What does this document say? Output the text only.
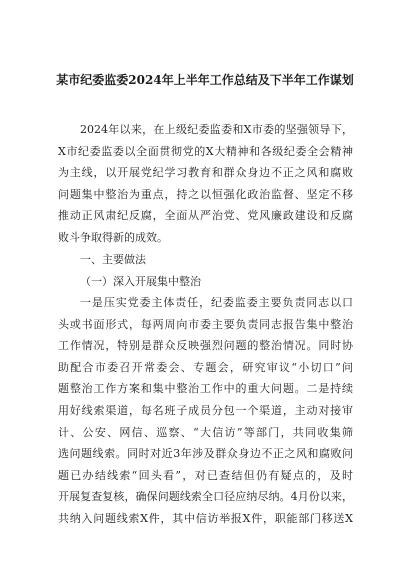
某市纪委监委2024年上半年工作总结及下半年工作谋划
2024年以来，在上级纪委监委和X市委的坚强领导下，
X市纪委监委以全面贯彻党的X大精神和各级纪委全会精神
为主线，以开展党纪学习教育和群众身边不正之风和腐败
问题集中整治为重点，持之以恒强化政治监督、坚定不移
推动正风肃纪反腐，全面从严治党、党风廉政建设和反腐
败斗争取得新的成效。
一、主要做法
（一）深入开展集中整治
一是压实党委主体责任，纪委监委主要负责同志以口
头或书面形式，每两周向市委主要负责同志报告集中整治
工作情况，特别是群众反映强烈问题的整治情况。同时协
助配合市委召开常委会、专题会，研究审议“小切口”问
题整治工作方案和集中整治工作中的重大问题。二是持续
用好线索渠道，每名班子成员分包一个渠道，主动对接审
计、公安、网信、巡察、“大信访”等部门，共同收集筛
选问题线索。同时对近3年涉及群众身边不正之风和腐败问
题已办结线索“回头看”，对已查结但仍有疑点的，及时
开展复查复核，确保问题线索全口径应纳尽纳。4月份以来，
共纳入问题线索X件，其中信访举报X件，职能部门移送X
